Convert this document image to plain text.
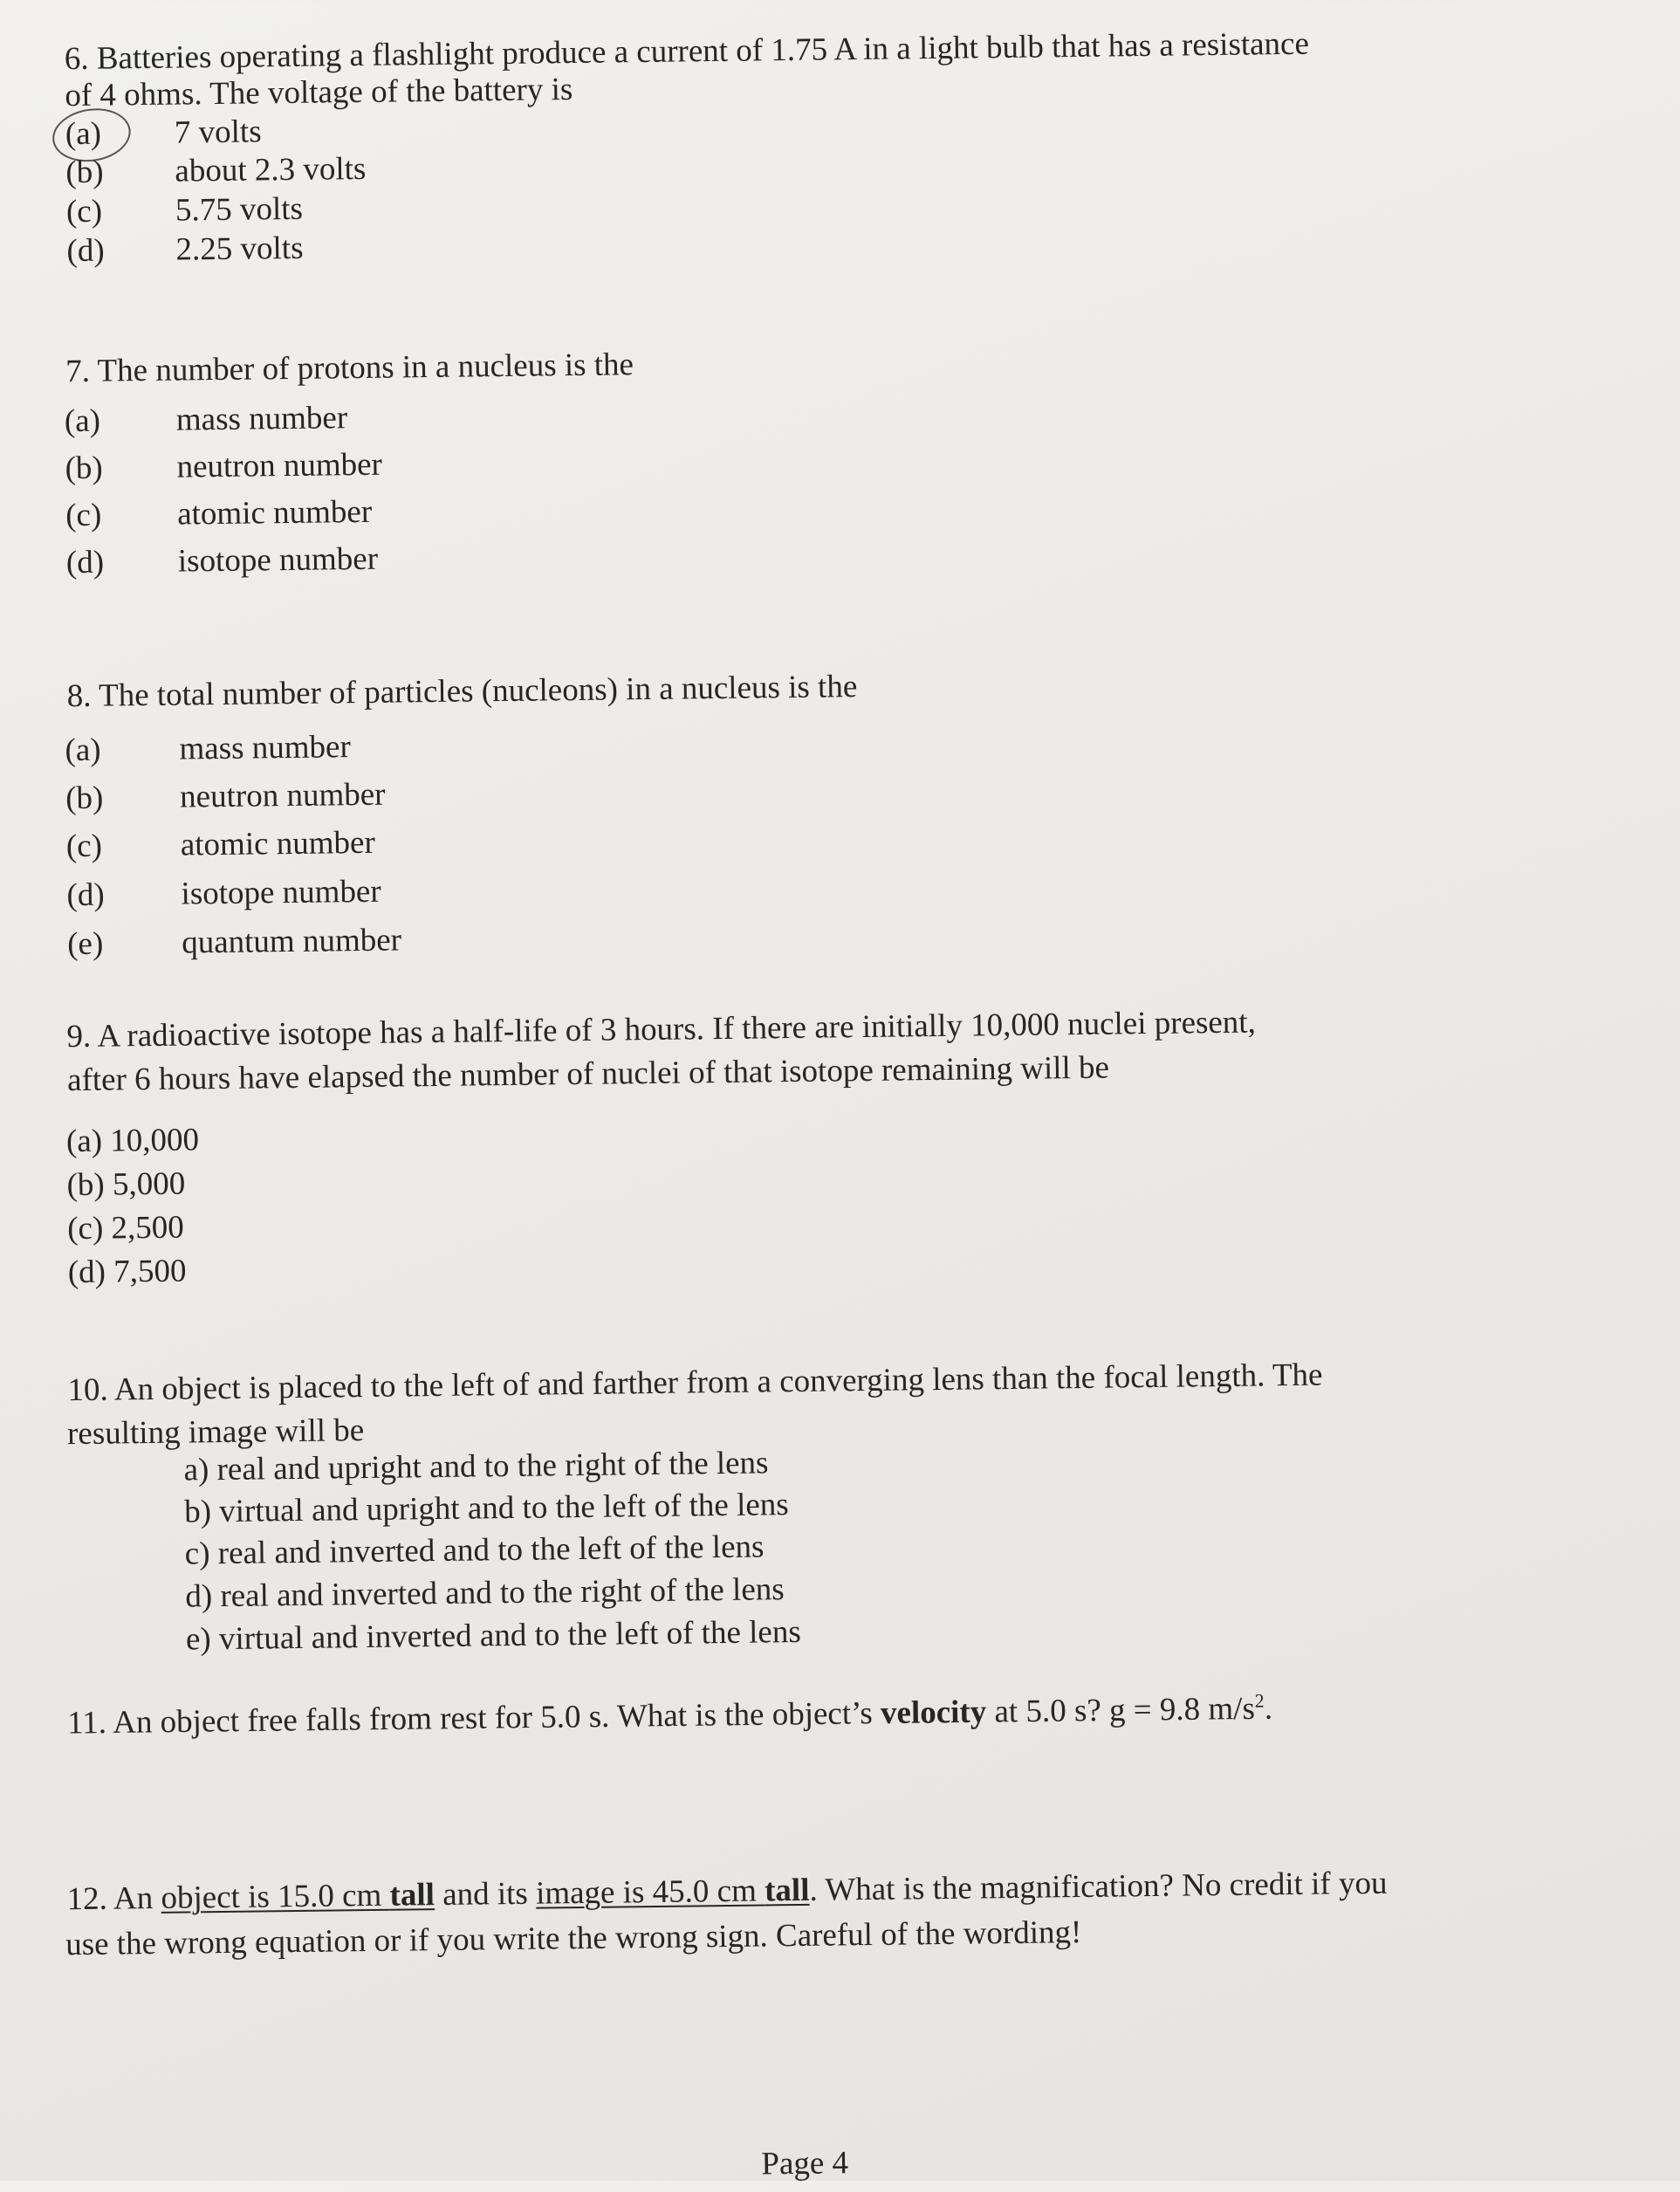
6. Batteries operating a flashlight produce a current of 1.75 A in a light bulb that has a resistance
of 4 ohms. The voltage of the battery is
(a) 7 volts
(b) about 2.3 volts
(c) 5.75 volts
(d) 2.25 volts
7. The number of protons in a nucleus is the
(a) mass number
(b) neutron number
(c) atomic number
(d) isotope number
8. The total number of particles (nucleons) in a nucleus is the
(a) mass number
(b) neutron number
(c) atomic number
(d) isotope number
(e) quantum number
9. A radioactive isotope has a half-life of 3 hours. If there are initially 10,000 nuclei present,
after 6 hours have elapsed the number of nuclei of that isotope remaining will be
(a) 10,000
(b) 5,000
(c) 2,500
(d) 7,500
10. An object is placed to the left of and farther from a converging lens than the focal length. The
resulting image will be
a) real and upright and to the right of the lens
b) virtual and upright and to the left of the lens
c) real and inverted and to the left of the lens
d) real and inverted and to the right of the lens
e) virtual and inverted and to the left of the lens
11. An object free falls from rest for 5.0 s. What is the object’s velocity at 5.0 s? g = 9.8 $m/s^2$.
12. An object is 15.0 cm tall and its image is 45.0 cm tall. What is the magnification? No credit if you
use the wrong equation or if you write the wrong sign. Careful of the wording!
Page 4
